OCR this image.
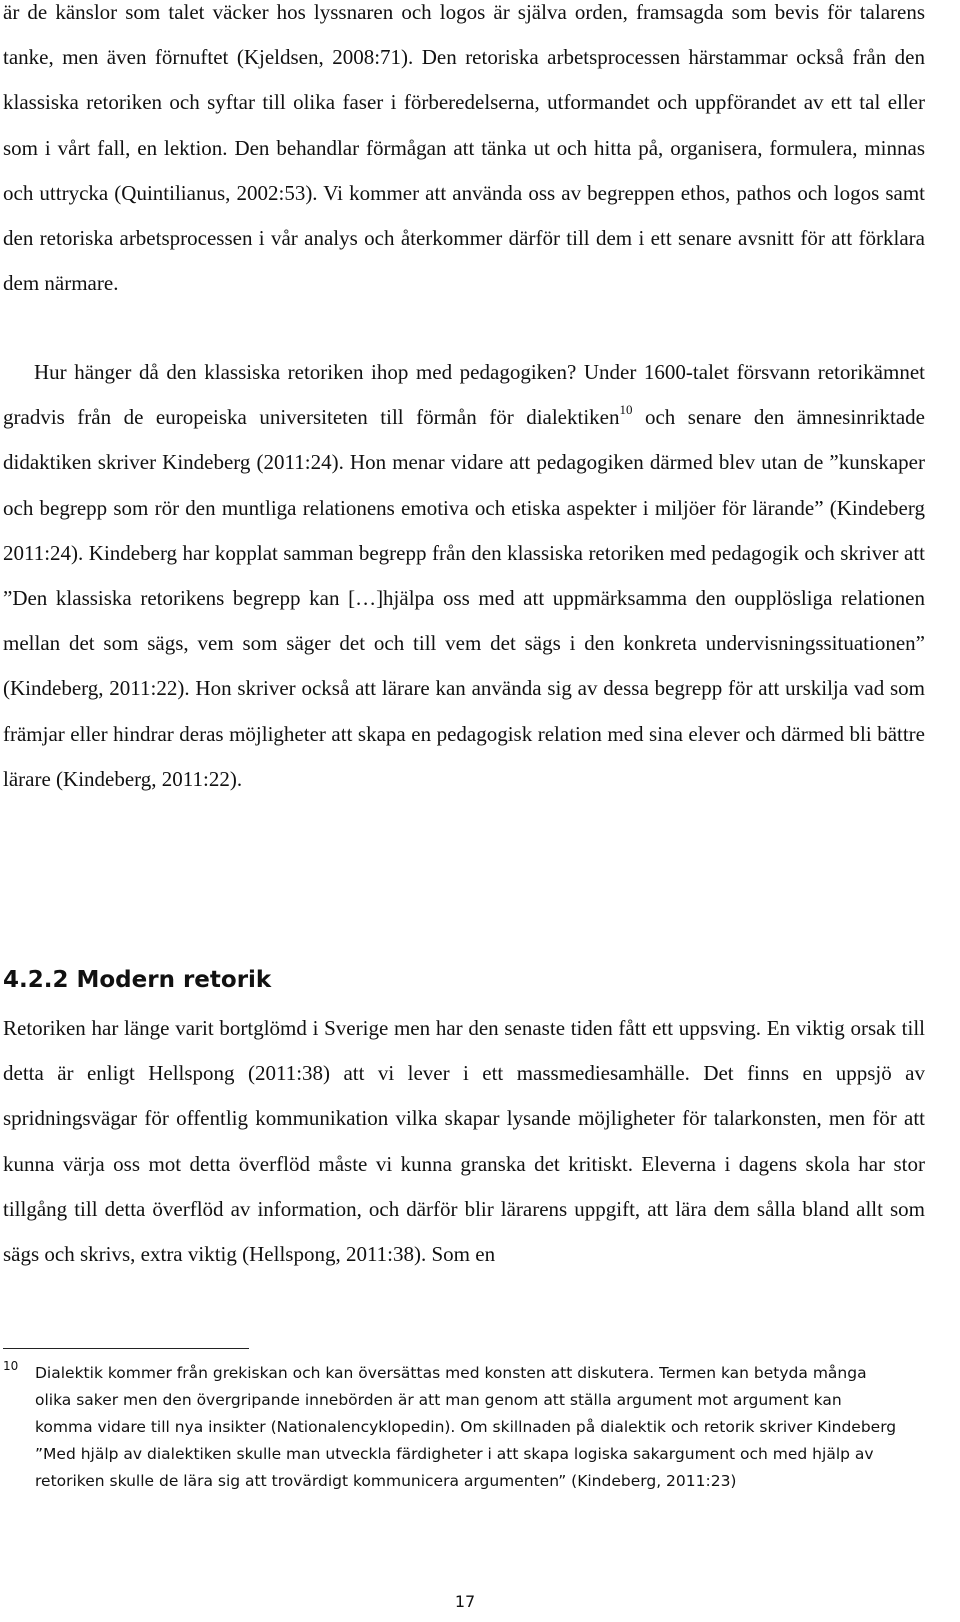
är de känslor som talet väcker hos lyssnaren och logos är själva orden, framsagda som bevis för talarens tanke, men även förnuftet (Kjeldsen, 2008:71). Den retoriska arbetsprocessen härstammar också från den klassiska retoriken och syftar till olika faser i förberedelserna, utformandet och uppförandet av ett tal eller som i vårt fall, en lektion. Den behandlar förmågan att tänka ut och hitta på, organisera, formulera, minnas och uttrycka (Quintilianus, 2002:53). Vi kommer att använda oss av begreppen ethos, pathos och logos samt den retoriska arbetsprocessen i vår analys och återkommer därför till dem i ett senare avsnitt för att förklara dem närmare.

Hur hänger då den klassiska retoriken ihop med pedagogiken? Under 1600-talet försvann retorikämnet gradvis från de europeiska universiteten till förmån för dialektiken$^{10}$ och senare den ämnesinriktade didaktiken skriver Kindeberg (2011:24). Hon menar vidare att pedagogiken därmed blev utan de ”kunskaper och begrepp som rör den muntliga relationens emotiva och etiska aspekter i miljöer för lärande” (Kindeberg 2011:24). Kindeberg har kopplat samman begrepp från den klassiska retoriken med pedagogik och skriver att ”Den klassiska retorikens begrepp kan […]hjälpa oss med att uppmärksamma den oupplösliga relationen mellan det som sägs, vem som säger det och till vem det sägs i den konkreta undervisningssituationen” (Kindeberg, 2011:22). Hon skriver också att lärare kan använda sig av dessa begrepp för att urskilja vad som främjar eller hindrar deras möjligheter att skapa en pedagogisk relation med sina elever och därmed bli bättre lärare (Kindeberg, 2011:22).

4.2.2 Modern retorik

Retoriken har länge varit bortglömd i Sverige men har den senaste tiden fått ett uppsving. En viktig orsak till detta är enligt Hellspong (2011:38) att vi lever i ett massmediesamhälle. Det finns en uppsjö av spridningsvägar för offentlig kommunikation vilka skapar lysande möjligheter för talarkonsten, men för att kunna värja oss mot detta överflöd måste vi kunna granska det kritiskt. Eleverna i dagens skola har stor tillgång till detta överflöd av information, och därför blir lärarens uppgift, att lära dem sålla bland allt som sägs och skrivs, extra viktig (Hellspong, 2011:38). Som en

10 Dialektik kommer från grekiskan och kan översättas med konsten att diskutera. Termen kan betyda många olika saker men den övergripande innebörden är att man genom att ställa argument mot argument kan komma vidare till nya insikter (Nationalencyklopedin). Om skillnaden på dialektik och retorik skriver Kindeberg ”Med hjälp av dialektiken skulle man utveckla färdigheter i att skapa logiska sakargument och med hjälp av retoriken skulle de lära sig att trovärdigt kommunicera argumenten” (Kindeberg, 2011:23)
17
